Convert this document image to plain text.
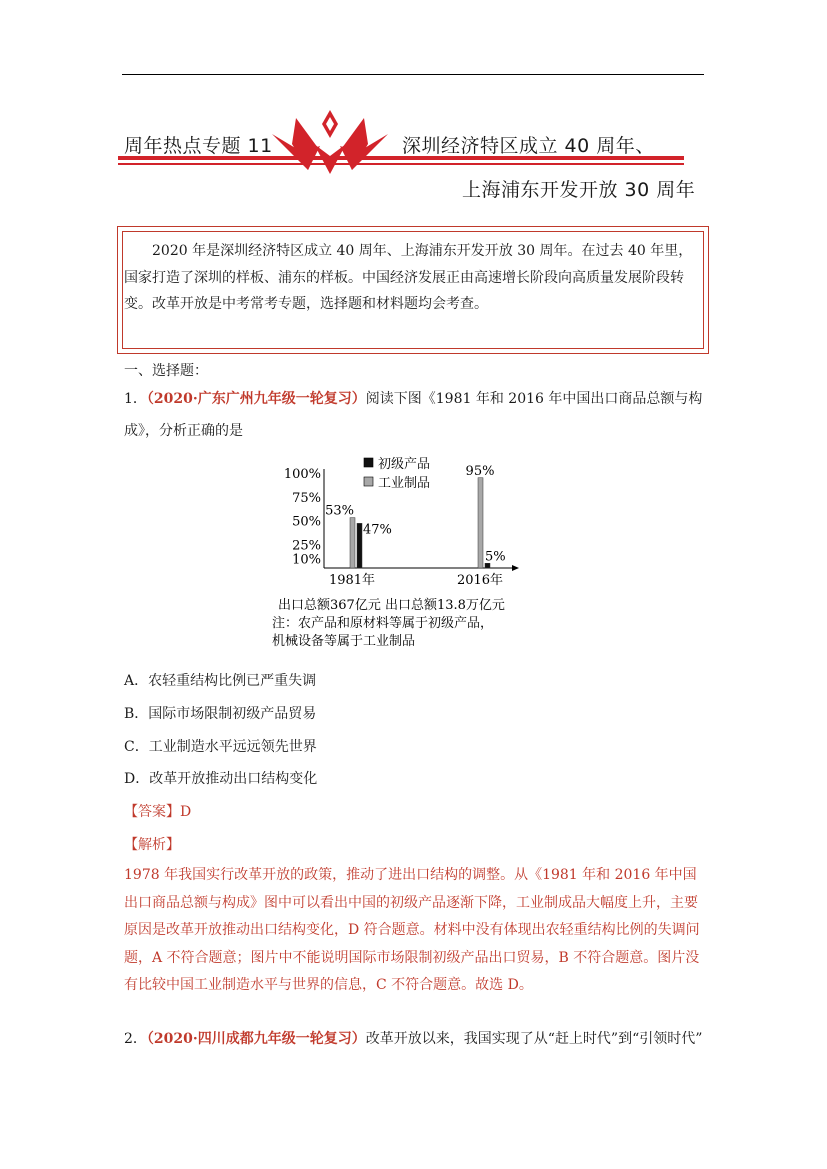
周年热点专题 11	深圳经济特区成立 40 周年、
上海浦东开发开放 30 周年
2020 年是深圳经济特区成立 40 周年、上海浦东开发开放 30 周年。在过去 40 年里，国家打造了深圳的样板、浦东的样板。中国经济发展正由高速增长阶段向高质量发展阶段转变。改革开放是中考常考专题，选择题和材料题均会考查。
一、选择题：
1．（2020·广东广州九年级一轮复习）阅读下图《1981 年和 2016 年中国出口商品总额与构
成》，分析正确的是
10%
25%
50%
75%
100%
初级产品
工业制品
47%
53%
1981年
5%
95%
2016年
出口总额367亿元 出口总额13.8万亿元
注：农产品和原材料等属于初级产品，
机械设备等属于工业制品
A．农轻重结构比例已严重失调
B．国际市场限制初级产品贸易
C．工业制造水平远远领先世界
D．改革开放推动出口结构变化
【答案】D
【解析】
1978 年我国实行改革开放的政策，推动了进出口结构的调整。从《1981 年和 2016 年中国出口商品总额与构成》图中可以看出中国的初级产品逐渐下降，工业制成品大幅度上升，主要原因是改革开放推动出口结构变化，D 符合题意。材料中没有体现出农轻重结构比例的失调问题，A 不符合题意；图片中不能说明国际市场限制初级产品出口贸易，B 不符合题意。图片没有比较中国工业制造水平与世界的信息，C 不符合题意。故选 D。
2．（2020·四川成都九年级一轮复习）改革开放以来，我国实现了从“赶上时代”到“引领时代”
